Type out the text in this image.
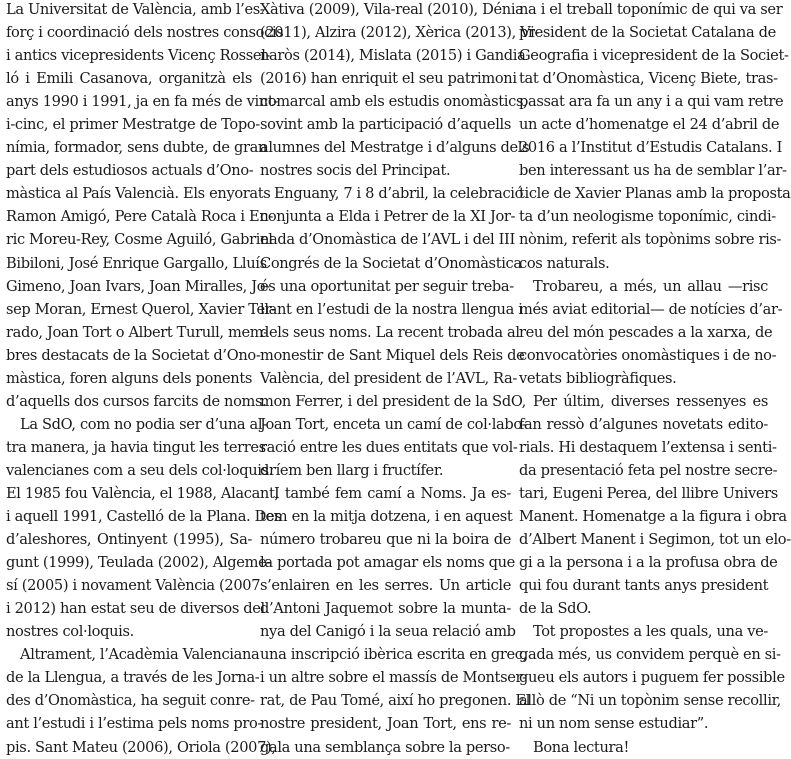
La Universitat de València, amb l’es-
forç i coordinació dels nostres consocis
i antics vicepresidents Vicenç Rossel-
ló i Emili Casanova, organitzà els
anys 1990 i 1991, ja en fa més de vint-
i-cinc, el primer Mestratge de Topo-
nímia, formador, sens dubte, de gran
part dels estudiosos actuals d’Ono-
màstica al País Valencià. Els enyorats
Ramon Amigó, Pere Català Roca i En-
ric Moreu-Rey, Cosme Aguiló, Gabriel
Bibiloni, José Enrique Gargallo, Lluís
Gimeno, Joan Ivars, Joan Miralles, Jo-
sep Moran, Ernest Querol, Xavier Ter-
rado, Joan Tort o Albert Turull, mem-
bres destacats de la Societat d’Ono-
màstica, foren alguns dels ponents
d’aquells dos cursos farcits de noms.
La SdO, com no podia ser d’una al-
tra manera, ja havia tingut les terres
valencianes com a seu dels col·loquis.
El 1985 fou València, el 1988, Alacant,
i aquell 1991, Castelló de la Plana. Des
d’aleshores, Ontinyent (1995), Sa-
gunt (1999), Teulada (2002), Algeme-
sí (2005) i novament València (2007
i 2012) han estat seu de diversos del
nostres col·loquis.
Altrament, l’Acadèmia Valenciana
de la Llengua, a través de les Jorna-
des d’Onomàstica, ha seguit conre-
ant l’estudi i l’estima pels noms pro-
pis. Sant Mateu (2006), Oriola (2007),
Xàtiva (2009), Vila-real (2010), Dénia
(2011), Alzira (2012), Xèrica (2013), Vi-
naròs (2014), Mislata (2015) i Gandia
(2016) han enriquit el seu patrimoni
comarcal amb els estudis onomàstics,
sovint amb la participació d’aquells
alumnes del Mestratge i d’alguns dels
nostres socis del Principat.
Enguany, 7 i 8 d’abril, la celebració
conjunta a Elda i Petrer de la XI Jor-
nada d’Onomàstica de l’AVL i del III
Congrés de la Societat d’Onomàstica
és una oportunitat per seguir treba-
llant en l’estudi de la nostra llengua i
dels seus noms. La recent trobada al
monestir de Sant Miquel dels Reis de
València, del president de l’AVL, Ra-
mon Ferrer, i del president de la SdO,
Joan Tort, enceta un camí de col·labo-
ració entre les dues entitats que vol-
dríem ben llarg i fructífer.
I també fem camí a Noms. Ja es-
tem en la mitja dotzena, i en aquest
número trobareu que ni la boira de
la portada pot amagar els noms que
s’enlairen en les serres. Un article
d’Antoni Jaquemot sobre la munta-
nya del Canigó i la seua relació amb
una inscripció ibèrica escrita en grec,
i un altre sobre el massís de Montser-
rat, de Pau Tomé, així ho pregonen. El
nostre president, Joan Tort, ens re-
gala una semblança sobre la perso-
na i el treball toponímic de qui va ser
president de la Societat Catalana de
Geografia i vicepresident de la Societ-
tat d’Onomàstica, Vicenç Biete, tras-
passat ara fa un any i a qui vam retre
un acte d’homenatge el 24 d’abril de
2016 a l’Institut d’Estudis Catalans. I
ben interessant us ha de semblar l’ar-
ticle de Xavier Planas amb la proposta
ta d’un neologisme toponímic, cindi-
nònim, referit als topònims sobre ris-
cos naturals.
Trobareu, a més, un allau —risc
més aviat editorial— de notícies d’ar-
reu del món pescades a la xarxa, de
convocatòries onomàstiques i de no-
vetats bibliogràfiques.
Per últim, diverses ressenyes es
fan ressò d’algunes novetats edito-
rials. Hi destaquem l’extensa i senti-
da presentació feta pel nostre secre-
tari, Eugeni Perea, del llibre Univers
Manent. Homenatge a la figura i obra
d’Albert Manent i Segimon, tot un elo-
gi a la persona i a la profusa obra de
qui fou durant tants anys president
de la SdO.
Tot propostes a les quals, una ve-
gada més, us convidem perquè en si-
gueu els autors i puguem fer possible
allò de “Ni un topònim sense recollir,
ni un nom sense estudiar”.
Bona lectura!
